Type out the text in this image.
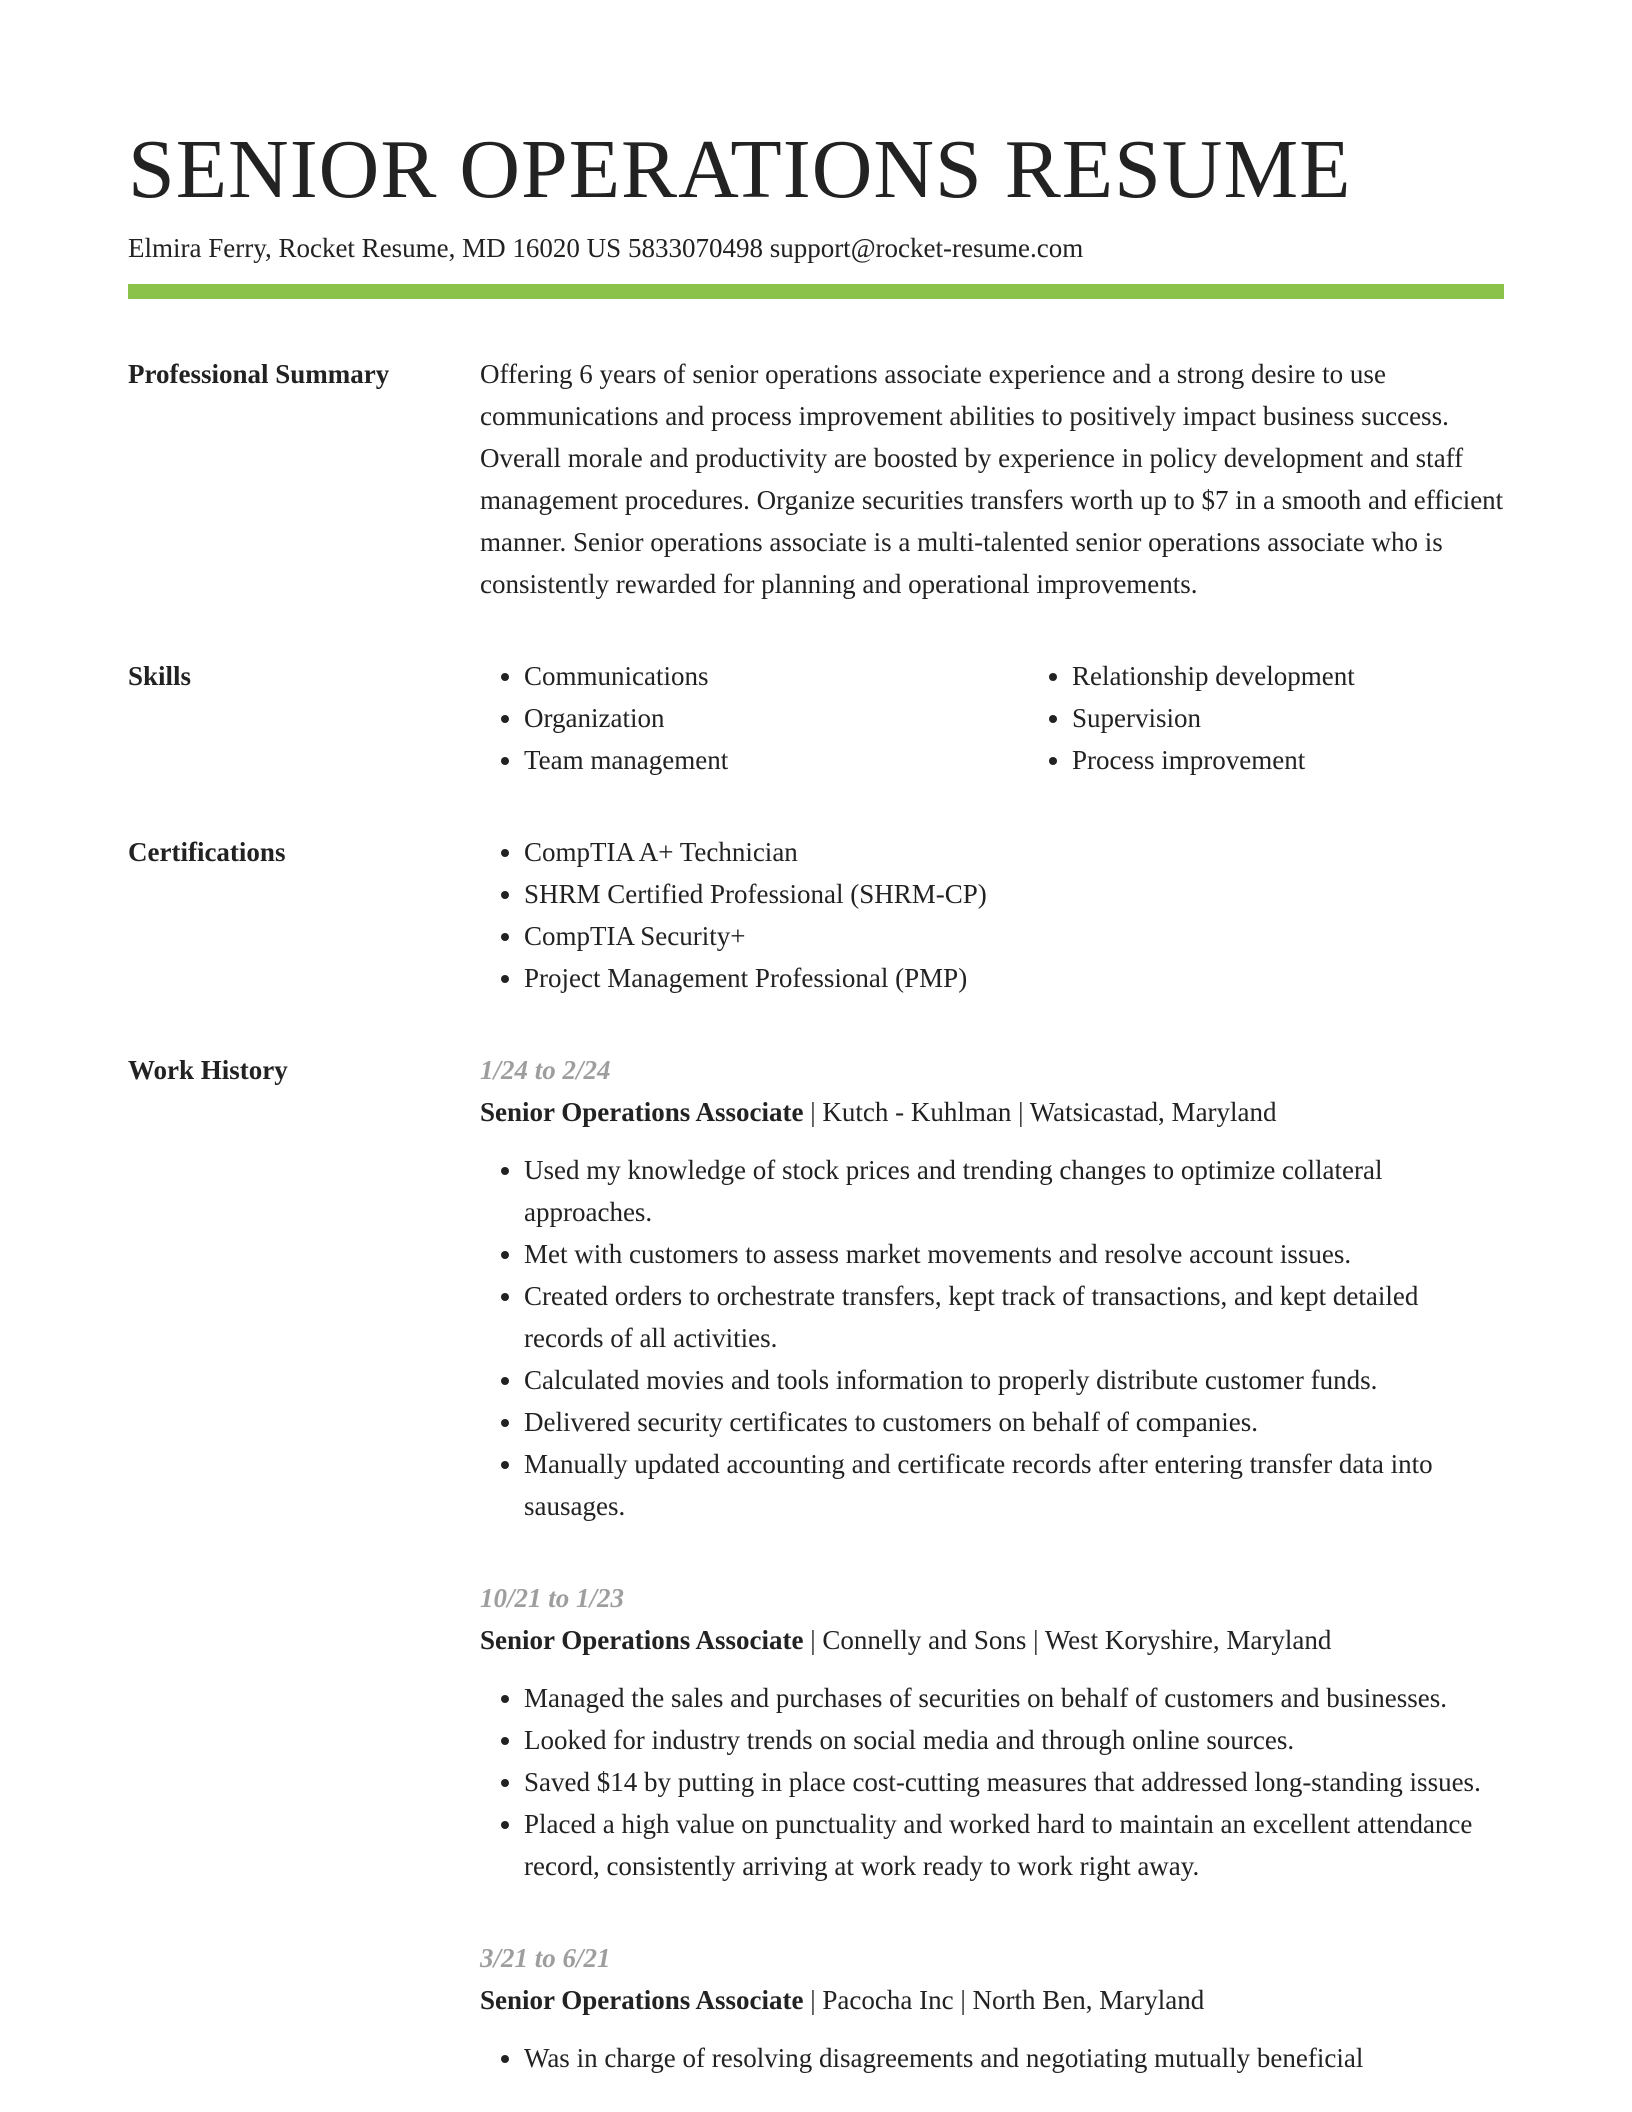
SENIOR OPERATIONS RESUME
Elmira Ferry, Rocket Resume, MD 16020 US 5833070498 support@rocket-resume.com
Professional Summary	Offering 6 years of senior operations associate experience and a strong desire to use communications and process improvement abilities to positively impact business success. Overall morale and productivity are boosted by experience in policy development and staff management procedures. Organize securities transfers worth up to $7 in a smooth and efficient manner. Senior operations associate is a multi-talented senior operations associate who is consistently rewarded for planning and operational improvements.
Skills	• Communications
• Organization
• Team management
• Relationship development
• Supervision
• Process improvement
Certifications	• CompTIA A+ Technician
• SHRM Certified Professional (SHRM-CP)
• CompTIA Security+
• Project Management Professional (PMP)
Work History	1/24 to 2/24
Senior Operations Associate | Kutch - Kuhlman | Watsicastad, Maryland
• Used my knowledge of stock prices and trending changes to optimize collateral approaches.
• Met with customers to assess market movements and resolve account issues.
• Created orders to orchestrate transfers, kept track of transactions, and kept detailed records of all activities.
• Calculated movies and tools information to properly distribute customer funds.
• Delivered security certificates to customers on behalf of companies.
• Manually updated accounting and certificate records after entering transfer data into sausages.
10/21 to 1/23
Senior Operations Associate | Connelly and Sons | West Koryshire, Maryland
• Managed the sales and purchases of securities on behalf of customers and businesses.
• Looked for industry trends on social media and through online sources.
• Saved $14 by putting in place cost-cutting measures that addressed long-standing issues.
• Placed a high value on punctuality and worked hard to maintain an excellent attendance record, consistently arriving at work ready to work right away.
3/21 to 6/21
Senior Operations Associate | Pacocha Inc | North Ben, Maryland
• Was in charge of resolving disagreements and negotiating mutually beneficial
